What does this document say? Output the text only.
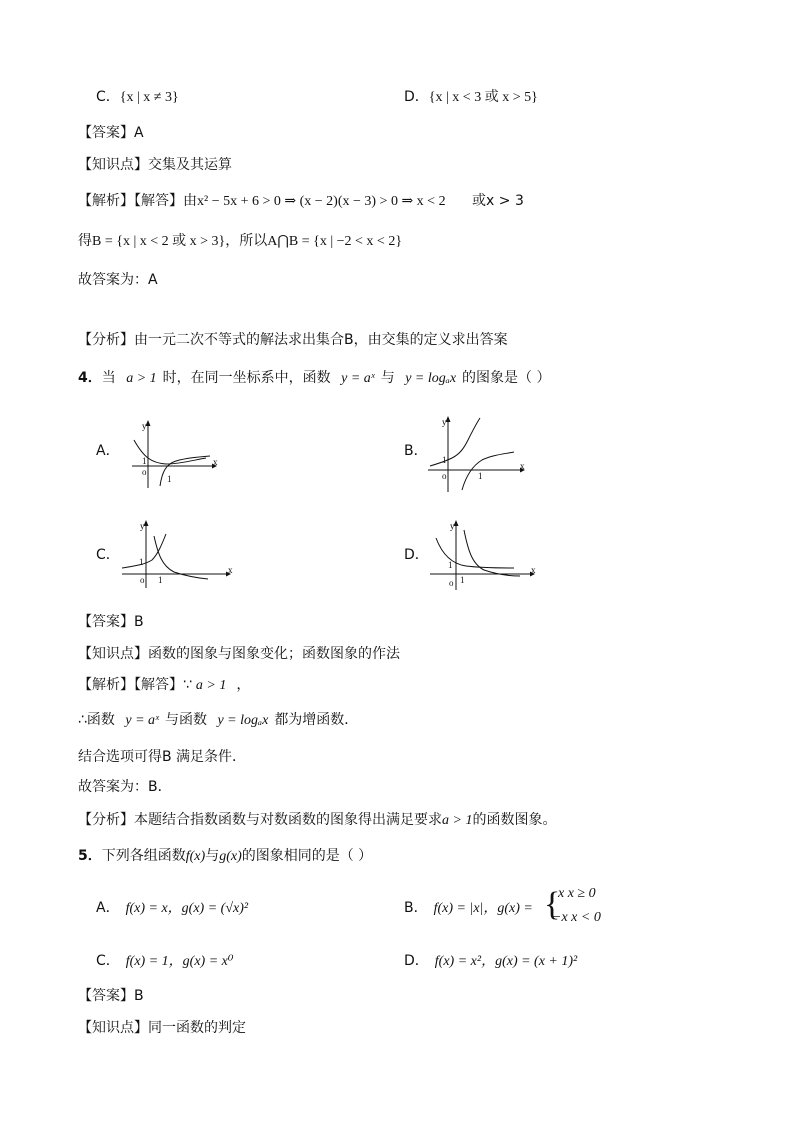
C．{x | x ≠ 3}	D．{x | x < 3 或 x > 5}
【答案】A
【知识点】交集及其运算
【解析】【解答】由x² − 5x + 6 > 0 ⇒ (x − 2)(x − 3) > 0 ⇒ x < 2 或x > 3
得B = {x | x < 2 或 x > 3}，所以A⋂B = {x | −2 < x < 2}
故答案为：A
【分析】由一元二次不等式的解法求出集合B，由交集的定义求出答案
4．当 a > 1 时，在同一坐标系中，函数 y = aˣ 与 y = logₐx 的图象是（ ）
A．	B．
C．	D．
y
x
o
1
1
y
x
o
1
1
y
x
o
1
1
y
x
o
1
1
【答案】B
【知识点】函数的图象与图象变化；函数图象的作法
【解析】【解答】∵ a > 1 ，
∴函数 y = aˣ 与函数 y = logₐx 都为增函数．
结合选项可得B 满足条件．
故答案为：B．
【分析】本题结合指数函数与对数函数的图象得出满足要求a > 1的函数图象。
5．下列各组函数f(x)与g(x)的图象相同的是（ ）
A． f(x) = x，g(x) = (√x)²	B． f(x) = |x|，g(x) = {
x x ≥ 0
−x x < 0
C． f(x) = 1，g(x) = x⁰	D． f(x) = x²，g(x) = (x + 1)²
【答案】B
【知识点】同一函数的判定
